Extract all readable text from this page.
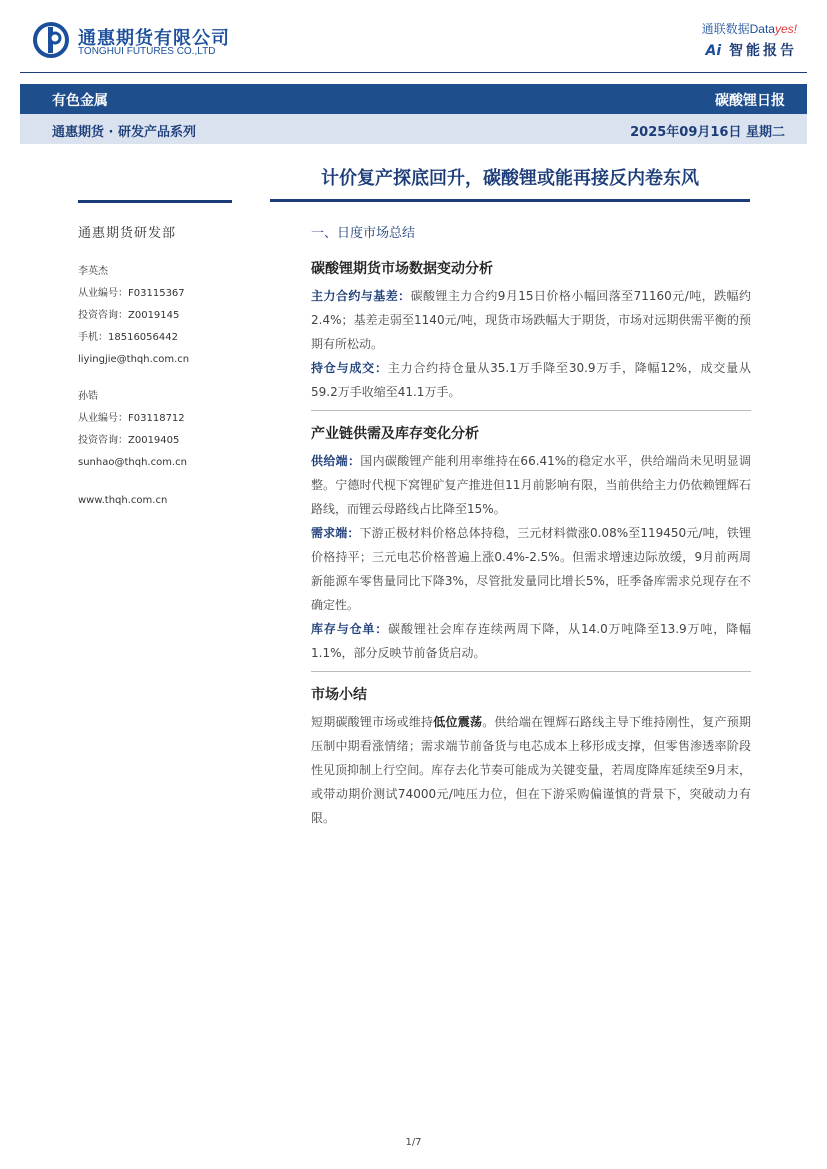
通惠期货有限公司
TONGHUI FUTURES CO.,LTD
通联数据Datayes!
Ai 智能报告
有色金属	碳酸锂日报
通惠期货 · 研发产品系列	2025年09月16日 星期二
计价复产探底回升，碳酸锂或能再接反内卷东风
通惠期货研发部
李英杰
从业编号：F03115367
投资咨询：Z0019145
手机：18516056442
liyingjie@thqh.com.cn
孙锆
从业编号：F03118712
投资咨询：Z0019405
sunhao@thqh.com.cn
www.thqh.com.cn
一、日度市场总结
碳酸锂期货市场数据变动分析

主力合约与基差：碳酸锂主力合约9月15日价格小幅回落至71160元/吨，跌幅约2.4%；基差走弱至1140元/吨，现货市场跌幅大于期货，市场对远期供需平衡的预期有所松动。

持仓与成交：主力合约持仓量从35.1万手降至30.9万手，降幅12%，成交量从59.2万手收缩至41.1万手。

产业链供需及库存变化分析

供给端：国内碳酸锂产能利用率维持在66.41%的稳定水平，供给端尚未见明显调整。宁德时代枧下窝锂矿复产推进但11月前影响有限，当前供给主力仍依赖锂辉石路线，而锂云母路线占比降至15%。

需求端：下游正极材料价格总体持稳，三元材料微涨0.08%至119450元/吨，铁锂价格持平；三元电芯价格普遍上涨0.4%-2.5%。但需求增速边际放缓，9月前两周新能源车零售量同比下降3%，尽管批发量同比增长5%，旺季备库需求兑现存在不确定性。

库存与仓单：碳酸锂社会库存连续两周下降，从14.0万吨降至13.9万吨，降幅1.1%，部分反映节前备货启动。

市场小结

短期碳酸锂市场或维持低位震荡。供给端在锂辉石路线主导下维持刚性，复产预期压制中期看涨情绪；需求端节前备货与电芯成本上移形成支撑，但零售渗透率阶段性见顶抑制上行空间。库存去化节奏可能成为关键变量，若周度降库延续至9月末，或带动期价测试74000元/吨压力位，但在下游采购偏谨慎的背景下，突破动力有限。

1/7
